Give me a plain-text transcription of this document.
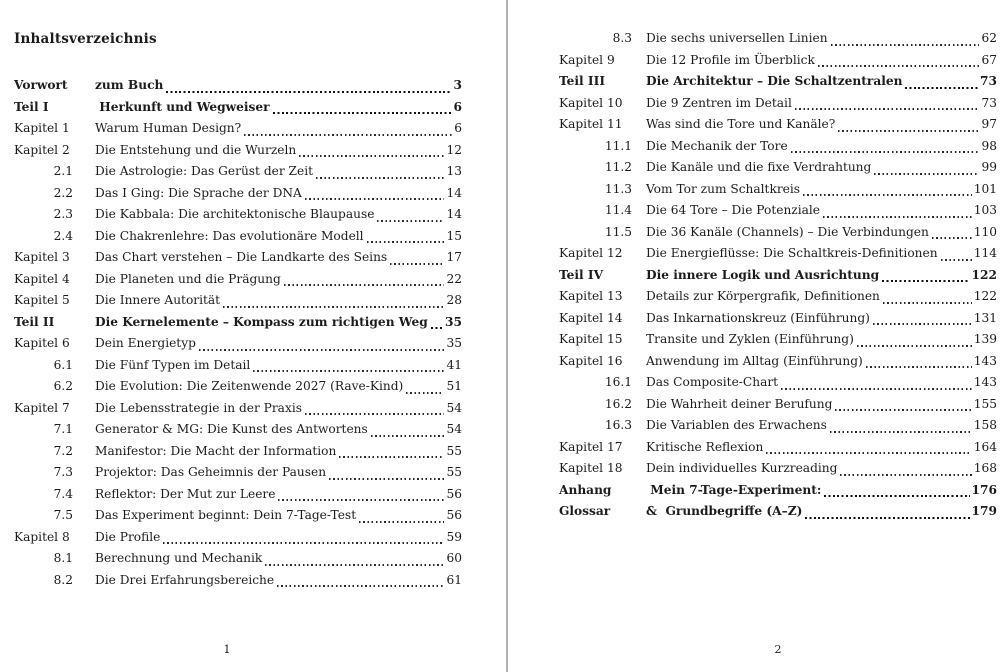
Inhaltsverzeichnis
Vorwort	zum Buch	3
Teil I	Herkunft und Wegweiser	6
Kapitel 1	Warum Human Design?	6
Kapitel 2	Die Entstehung und die Wurzeln	12
2.1 Die Astrologie: Das Gerüst der Zeit	13
2.2 Das I Ging: Die Sprache der DNA	14
2.3 Die Kabbala: Die architektonische Blaupause	14
2.4 Die Chakrenlehre: Das evolutionäre Modell	15
Kapitel 3	Das Chart verstehen – Die Landkarte des Seins	17
Kapitel 4	Die Planeten und die Prägung	22
Kapitel 5	Die Innere Autorität	28
Teil II	Die Kernelemente – Kompass zum richtigen Weg 35
Kapitel 6	Dein Energietyp	35
6.1 Die Fünf Typen im Detail	41
6.2 Die Evolution: Die Zeitenwende 2027 (Rave-Kind)	51
Kapitel 7	Die Lebensstrategie in der Praxis	54
7.1 Generator & MG: Die Kunst des Antwortens	54
7.2 Manifestor: Die Macht der Information	55
7.3 Projektor: Das Geheimnis der Pausen	55
7.4 Reflektor: Der Mut zur Leere	56
7.5 Das Experiment beginnt: Dein 7-Tage-Test	56
Kapitel 8	Die Profile	59
8.1 Berechnung und Mechanik	60
8.2 Die Drei Erfahrungsbereiche	61
1
8.3 Die sechs universellen Linien	62
Kapitel 9	Die 12 Profile im Überblick	67
Teil III	Die Architektur – Die Schaltzentralen	73
Kapitel 10	Die 9 Zentren im Detail	73
Kapitel 11	Was sind die Tore und Kanäle?	97
11.1 Die Mechanik der Tore	98
11.2 Die Kanäle und die fixe Verdrahtung	99
11.3 Vom Tor zum Schaltkreis	101
11.4 Die 64 Tore – Die Potenziale	103
11.5 Die 36 Kanäle (Channels) – Die Verbindungen	110
Kapitel 12	Die Energieflüsse: Die Schaltkreis-Definitionen	114
Teil IV	Die innere Logik und Ausrichtung	122
Kapitel 13	Details zur Körpergrafik, Definitionen	122
Kapitel 14	Das Inkarnationskreuz (Einführung)	131
Kapitel 15	Transite und Zyklen (Einführung)	139
Kapitel 16	Anwendung im Alltag (Einführung)	143
16.1 Das Composite-Chart	143
16.2 Die Wahrheit deiner Berufung	155
16.3 Die Variablen des Erwachens	158
Kapitel 17	Kritische Reflexion	164
Kapitel 18	Dein individuelles Kurzreading	168
Anhang	Mein 7-Tage-Experiment:	176
Glossar	&  Grundbegriffe (A–Z)	179
2
